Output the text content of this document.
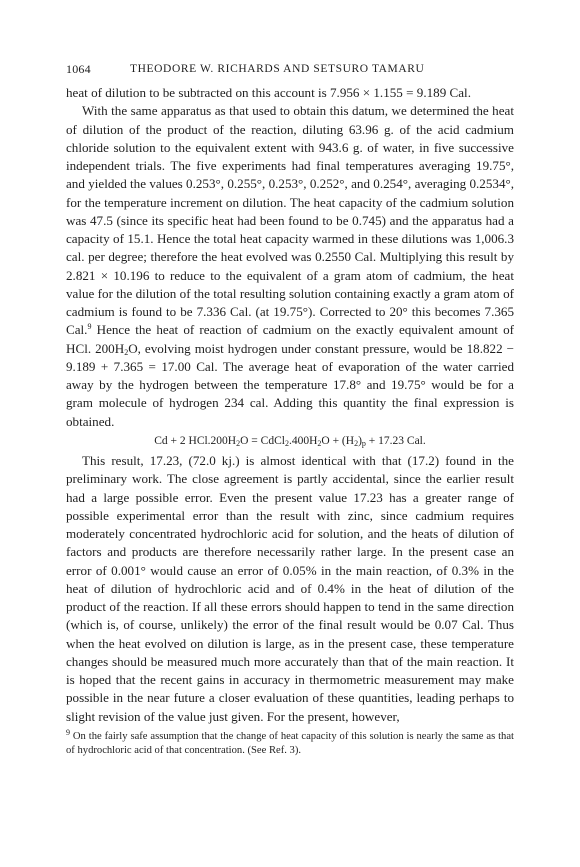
1064	THEODORE W. RICHARDS AND SETSURO TAMARU

heat of dilution to be subtracted on this account is 7.956 × 1.155 = 9.189 Cal.

With the same apparatus as that used to obtain this datum, we determined the heat of dilution of the product of the reaction, diluting 63.96 g. of the acid cadmium chloride solution to the equivalent extent with 943.6 g. of water, in five successive independent trials. The five experiments had final temperatures averaging 19.75°, and yielded the values 0.253°, 0.255°, 0.253°, 0.252°, and 0.254°, averaging 0.2534°, for the temperature increment on dilution. The heat capacity of the cadmium solution was 47.5 (since its specific heat had been found to be 0.745) and the apparatus had a capacity of 15.1. Hence the total heat capacity warmed in these dilutions was 1,006.3 cal. per degree; therefore the heat evolved was 0.2550 Cal. Multiplying this result by 2.821 × 10.196 to reduce to the equivalent of a gram atom of cadmium, the heat value for the dilution of the total resulting solution containing exactly a gram atom of cadmium is found to be 7.336 Cal. (at 19.75°). Corrected to 20° this becomes 7.365 Cal.$^9$ Hence the heat of reaction of cadmium on the exactly equivalent amount of HCl. $200H_2O$, evolving moist hydrogen under constant pressure, would be 18.822 − 9.189 + 7.365 = 17.00 Cal. The average heat of evaporation of the water carried away by the hydrogen between the temperature 17.8° and 19.75° would be for a gram molecule of hydrogen 234 cal. Adding this quantity the final expression is obtained.

Cd + 2 $HCl.200H_2O$ = $CdCl_2.400H_2O + (H_2)_p + 17.23$ Cal.

This result, 17.23, (72.0 kj.) is almost identical with that (17.2) found in the preliminary work. The close agreement is partly accidental, since the earlier result had a large possible error. Even the present value 17.23 has a greater range of possible experimental error than the result with zinc, since cadmium requires moderately concentrated hydrochloric acid for solution, and the heats of dilution of factors and products are therefore necessarily rather large. In the present case an error of 0.001° would cause an error of 0.05% in the main reaction, of 0.3% in the heat of dilution of hydrochloric acid and of 0.4% in the heat of dilution of the product of the reaction. If all these errors should happen to tend in the same direction (which is, of course, unlikely) the error of the final result would be 0.07 Cal. Thus when the heat evolved on dilution is large, as in the present case, these temperature changes should be measured much more accurately than that of the main reaction. It is hoped that the recent gains in accuracy in thermometric measurement may make possible in the near future a closer evaluation of these quantities, leading perhaps to slight revision of the value just given. For the present, however,

$^9$ On the fairly safe assumption that the change of heat capacity of this solution is nearly the same as that of hydrochloric acid of that concentration. (See Ref. 3).
